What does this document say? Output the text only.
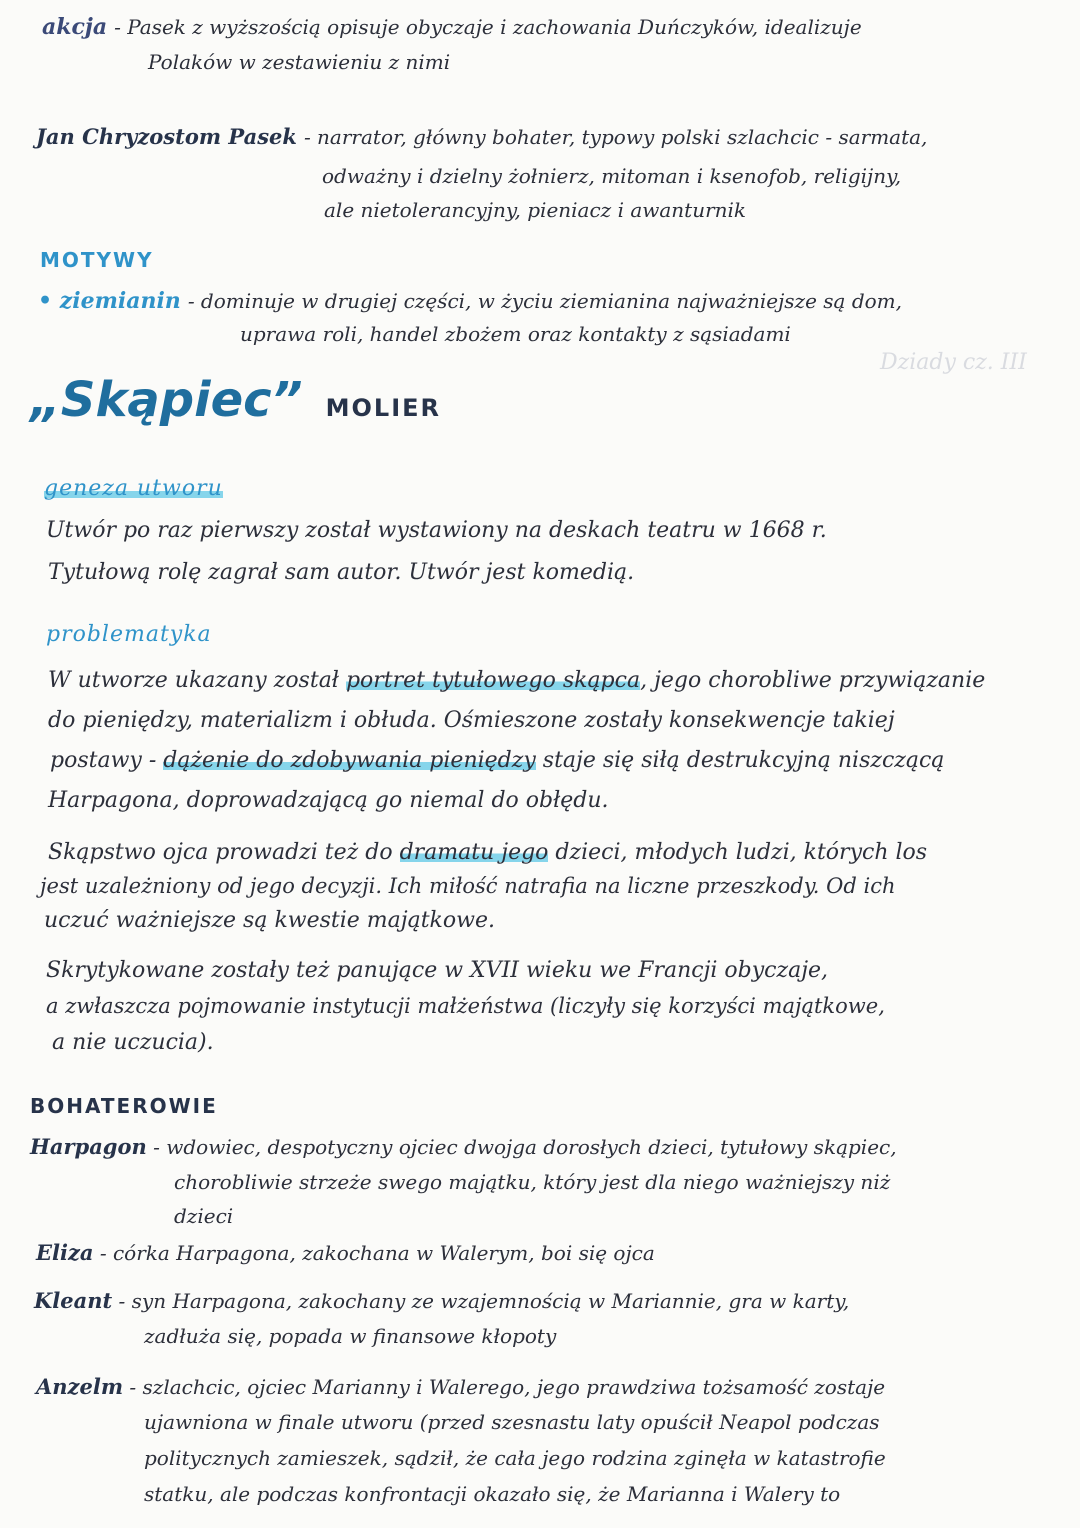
akcja - Pasek z wyższością opisuje obyczaje i zachowania Duńczyków, idealizuje
Polaków w zestawieniu z nimi
Jan Chryzostom Pasek - narrator, główny bohater, typowy polski szlachcic - sarmata,
odważny i dzielny żołnierz, mitoman i ksenofob, religijny,
ale nietolerancyjny, pieniacz i awanturnik
MOTYWY
• ziemianin - dominuje w drugiej części, w życiu ziemianina najważniejsze są dom,
uprawa roli, handel zbożem oraz kontakty z sąsiadami
Dziady cz. III
„Skąpiec” MOLIER
geneza utworu
Utwór po raz pierwszy został wystawiony na deskach teatru w 1668 r.
Tytułową rolę zagrał sam autor. Utwór jest komedią.
problematyka
W utworze ukazany został portret tytułowego skąpca, jego chorobliwe przywiązanie
do pieniędzy, materializm i obłuda. Ośmieszone zostały konsekwencje takiej
postawy - dążenie do zdobywania pieniędzy staje się siłą destrukcyjną niszczącą
Harpagona, doprowadzającą go niemal do obłędu.
Skąpstwo ojca prowadzi też do dramatu jego dzieci, młodych ludzi, których los
jest uzależniony od jego decyzji. Ich miłość natrafia na liczne przeszkody. Od ich
uczuć ważniejsze są kwestie majątkowe.
Skrytykowane zostały też panujące w XVII wieku we Francji obyczaje,
a zwłaszcza pojmowanie instytucji małżeństwa (liczyły się korzyści majątkowe,
a nie uczucia).
BOHATEROWIE
Harpagon - wdowiec, despotyczny ojciec dwojga dorosłych dzieci, tytułowy skąpiec,
chorobliwie strzeże swego majątku, który jest dla niego ważniejszy niż
dzieci
Eliza - córka Harpagona, zakochana w Walerym, boi się ojca
Kleant - syn Harpagona, zakochany ze wzajemnością w Mariannie, gra w karty,
zadłuża się, popada w finansowe kłopoty
Anzelm - szlachcic, ojciec Marianny i Walerego, jego prawdziwa tożsamość zostaje
ujawniona w finale utworu (przed szesnastu laty opuścił Neapol podczas
politycznych zamieszek, sądził, że cała jego rodzina zginęła w katastrofie
statku, ale podczas konfrontacji okazało się, że Marianna i Walery to
